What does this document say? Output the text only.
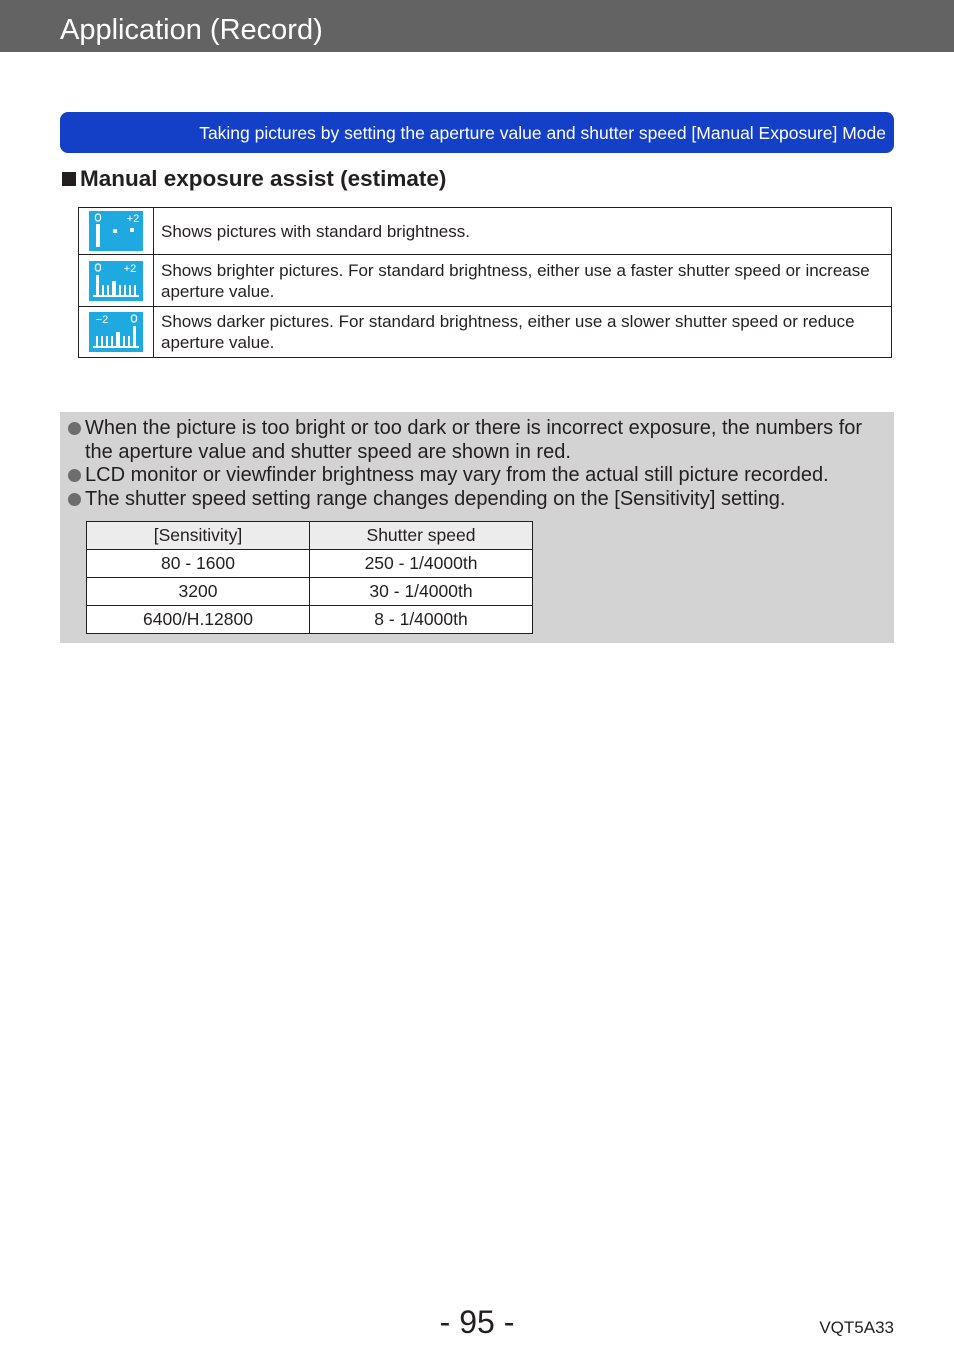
Application (Record)
Taking pictures by setting the aperture value and shutter speed [Manual Exposure] Mode
Manual exposure assist (estimate)
+2	Shows pictures with standard brightness.

+2	Shows brighter pictures. For standard brightness, either use a faster shutter speed or increase aperture value.

−2	Shows darker pictures. For standard brightness, either use a slower shutter speed or reduce aperture value.
When the picture is too bright or too dark or there is incorrect exposure, the numbers for the aperture value and shutter speed are shown in red.
LCD monitor or viewfinder brightness may vary from the actual still picture recorded.
The shutter speed setting range changes depending on the [Sensitivity] setting.
[Sensitivity]	Shutter speed
80 - 1600	250 - 1/4000th
3200	30 - 1/4000th
6400/H.12800	8 - 1/4000th
- 95 -	VQT5A33
